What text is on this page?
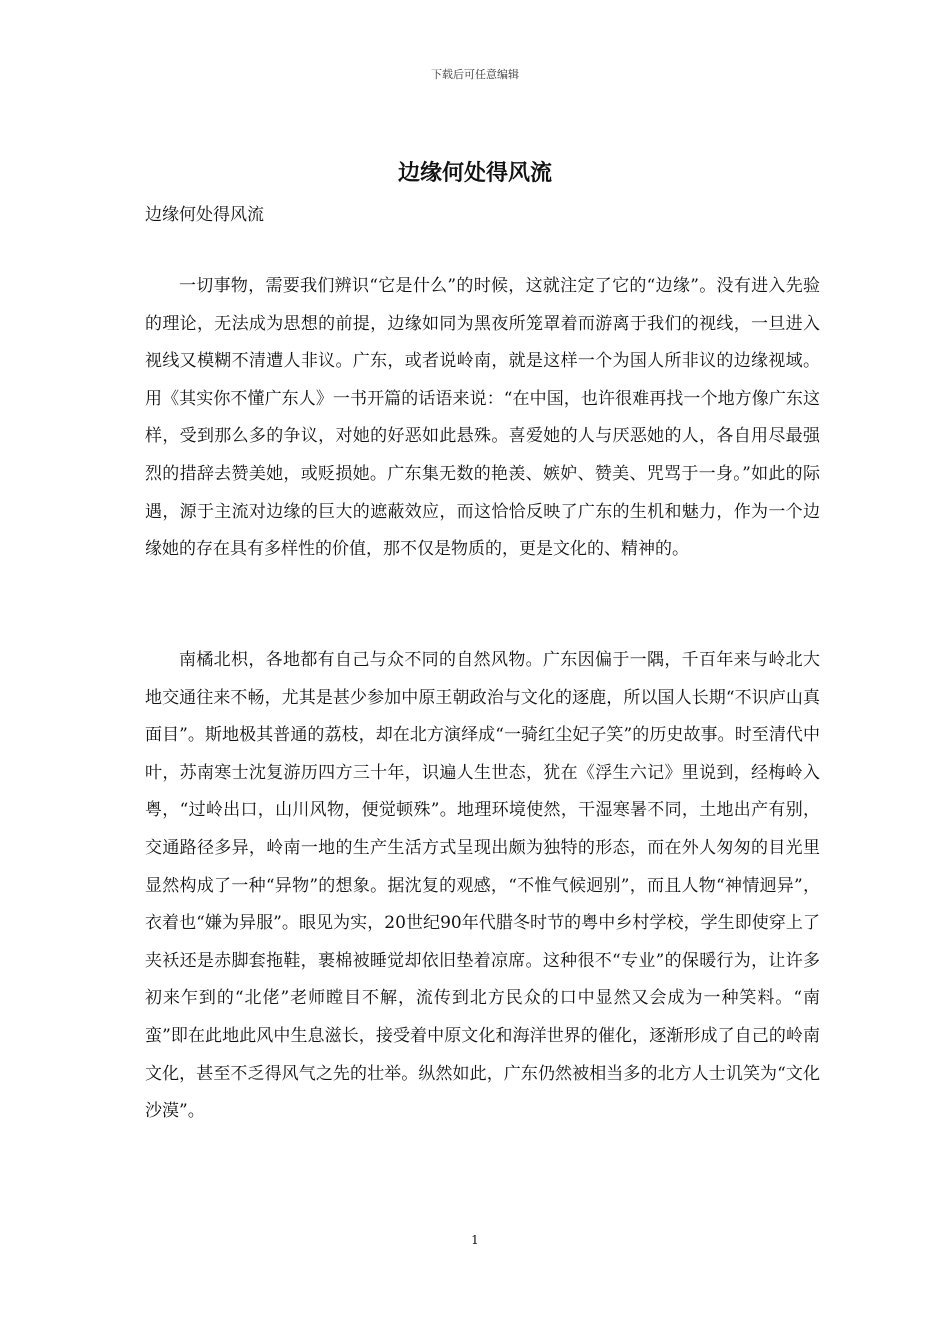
下载后可任意编辑
边缘何处得风流

边缘何处得风流

一切事物，需要我们辨识“它是什么”的时候，这就注定了它的“边缘”。没有进入先验的理论，无法成为思想的前提，边缘如同为黑夜所笼罩着而游离于我们的视线，一旦进入视线又模糊不清遭人非议。广东，或者说岭南，就是这样一个为国人所非议的边缘视域。用《其实你不懂广东人》一书开篇的话语来说：“在中国，也许很难再找一个地方像广东这样，受到那么多的争议，对她的好恶如此悬殊。喜爱她的人与厌恶她的人，各自用尽最强烈的措辞去赞美她，或贬损她。广东集无数的艳羡、嫉妒、赞美、咒骂于一身。”如此的际遇，源于主流对边缘的巨大的遮蔽效应，而这恰恰反映了广东的生机和魅力，作为一个边缘她的存在具有多样性的价值，那不仅是物质的，更是文化的、精神的。

南橘北枳，各地都有自己与众不同的自然风物。广东因偏于一隅，千百年来与岭北大地交通往来不畅，尤其是甚少参加中原王朝政治与文化的逐鹿，所以国人长期“不识庐山真面目”。斯地极其普通的荔枝，却在北方演绎成“一骑红尘妃子笑”的历史故事。时至清代中叶，苏南寒士沈复游历四方三十年，识遍人生世态，犹在《浮生六记》里说到，经梅岭入粤，“过岭出口，山川风物，便觉顿殊”。地理环境使然，干湿寒暑不同，土地出产有别，交通路径多异，岭南一地的生产生活方式呈现出颇为独特的形态，而在外人匆匆的目光里显然构成了一种“异物”的想象。据沈复的观感，“不惟气候迥别”，而且人物“神情迥异”，衣着也“嫌为异服”。眼见为实，20世纪90年代腊冬时节的粤中乡村学校，学生即使穿上了夹袄还是赤脚套拖鞋，裹棉被睡觉却依旧垫着凉席。这种很不“专业”的保暖行为，让许多初来乍到的“北佬”老师瞠目不解，流传到北方民众的口中显然又会成为一种笑料。“南蛮”即在此地此风中生息滋长，接受着中原文化和海洋世界的催化，逐渐形成了自己的岭南文化，甚至不乏得风气之先的壮举。纵然如此，广东仍然被相当多的北方人士讥笑为“文化沙漠”。

1
